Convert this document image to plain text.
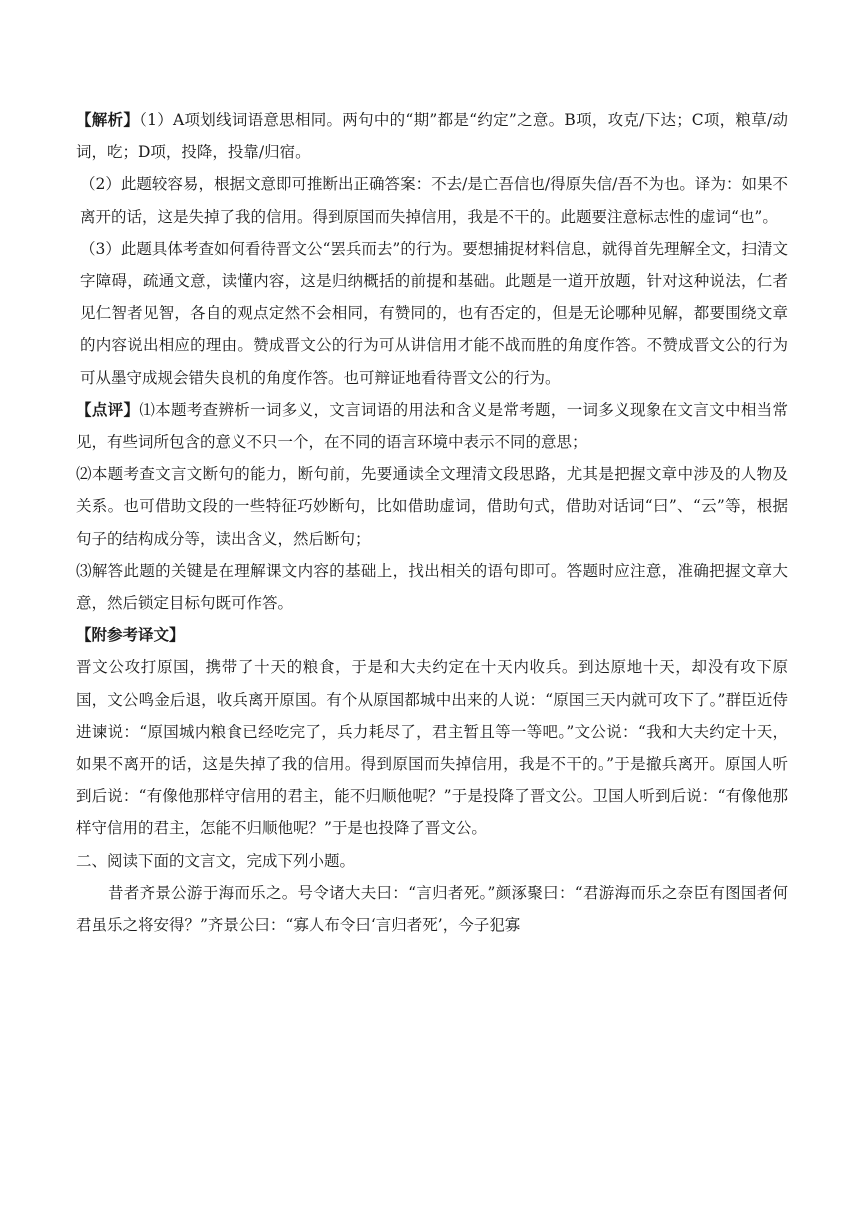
【解析】（1）A项划线词语意思相同。两句中的“期”都是“约定”之意。B项，攻克/下达；C项，粮草/动词，吃；D项，投降，投靠/归宿。

（2）此题较容易，根据文意即可推断出正确答案：不去/是亡吾信也/得原失信/吾不为也。译为：如果不离开的话，这是失掉了我的信用。得到原国而失掉信用，我是不干的。此题要注意标志性的虚词“也”。

（3）此题具体考查如何看待晋文公“罢兵而去”的行为。要想捕捉材料信息，就得首先理解全文，扫清文字障碍，疏通文意，读懂内容，这是归纳概括的前提和基础。此题是一道开放题，针对这种说法，仁者见仁智者见智，各自的观点定然不会相同，有赞同的，也有否定的，但是无论哪种见解，都要围绕文章的内容说出相应的理由。赞成晋文公的行为可从讲信用才能不战而胜的角度作答。不赞成晋文公的行为可从墨守成规会错失良机的角度作答。也可辩证地看待晋文公的行为。

【点评】⑴本题考查辨析一词多义，文言词语的用法和含义是常考题，一词多义现象在文言文中相当常见，有些词所包含的意义不只一个，在不同的语言环境中表示不同的意思；

⑵本题考查文言文断句的能力，断句前，先要通读全文理清文段思路，尤其是把握文章中涉及的人物及关系。也可借助文段的一些特征巧妙断句，比如借助虚词，借助句式，借助对话词“曰”、“云”等，根据句子的结构成分等，读出含义，然后断句；

⑶解答此题的关键是在理解课文内容的基础上，找出相关的语句即可。答题时应注意，准确把握文章大意，然后锁定目标句既可作答。

【附参考译文】

晋文公攻打原国，携带了十天的粮食，于是和大夫约定在十天内收兵。到达原地十天，却没有攻下原国，文公鸣金后退，收兵离开原国。有个从原国都城中出来的人说：“原国三天内就可攻下了。”群臣近侍进谏说：“原国城内粮食已经吃完了，兵力耗尽了，君主暂且等一等吧。”文公说：“我和大夫约定十天，如果不离开的话，这是失掉了我的信用。得到原国而失掉信用，我是不干的。”于是撤兵离开。原国人听到后说：“有像他那样守信用的君主，能不归顺他呢？”于是投降了晋文公。卫国人听到后说：“有像他那样守信用的君主，怎能不归顺他呢？”于是也投降了晋文公。

二、阅读下面的文言文，完成下列小题。

昔者齐景公游于海而乐之。号令诸大夫曰：“言归者死。”颜涿聚曰：“君游海而乐之奈臣有图国者何君虽乐之将安得？”齐景公曰：“寡人布令曰‘言归者死’，今子犯寡
